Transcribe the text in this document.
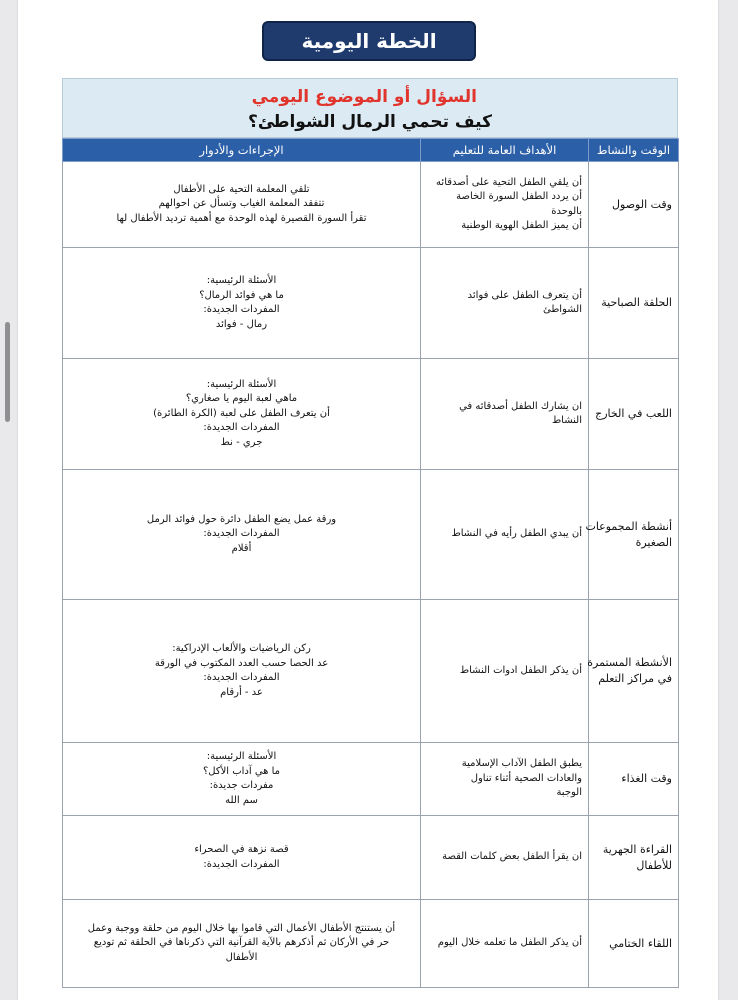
الخطة اليومية
السؤال أو الموضوع اليومي
كيف تحمي الرمال الشواطئ؟
الوقت والنشاط	الأهداف العامة للتعليم	الإجراءات والأدوار

وقت الوصول	أن يلقي الطفل التحية على أصدقائه
أن يردد الطفل السورة الخاصة
بالوحدة
أن يميز الطفل الهوية الوطنية	تلقي المعلمة التحية على الأطفال
تتفقد المعلمة الغياب وتسأل عن احوالهم
تقرأ السورة القصيرة لهذه الوحدة مع أهمية ترديد الأطفال لها

الحلقة الصباحية	أن يتعرف الطفل على فوائد
الشواطئ	الأسئلة الرئيسية:
ما هي فوائد الرمال؟
المفردات الجديدة:
رمال - فوائد

اللعب في الخارج	ان يشارك الطفل أصدقائه في
النشاط	الأسئلة الرئيسية:
ماهي لعبة اليوم يا صغاري؟
أن يتعرف الطفل على لعبة (الكرة الطائرة)
المفردات الجديدة:
جري - نط

أنشطة المجموعات
الصغيرة	أن يبدي الطفل رأيه في النشاط	ورقة عمل يضع الطفل دائرة حول فوائد الرمل
المفردات الجديدة:
أقلام

الأنشطة المستمرة
في مراكز التعلم	أن يذكر الطفل ادوات النشاط	ركن الرياضيات والألعاب الإدراكية:
عد الحصا حسب العدد المكتوب في الورقة
المفردات الجديدة:
عد - أرقام

وقت الغذاء	يطبق الطفل الآداب الإسلامية
والعادات الصحية أثناء تناول
الوجبة	الأسئلة الرئيسية:
ما هي آداب الأكل؟
مفردات جديدة:
سم الله

القراءة الجهرية
للأطفال	ان يقرأ الطفل بعض كلمات القصة	قصة نزهة في الصحراء
المفردات الجديدة:

اللقاء الختامي	أن يذكر الطفل ما تعلمه خلال اليوم	أن يستنتج الأطفال الأعمال التي قاموا بها خلال اليوم من حلقة ووجبة وعمل
حر في الأركان ثم أذكرهم بالآية القرآنية التي ذكرناها في الحلقة ثم توديع
الأطفال
